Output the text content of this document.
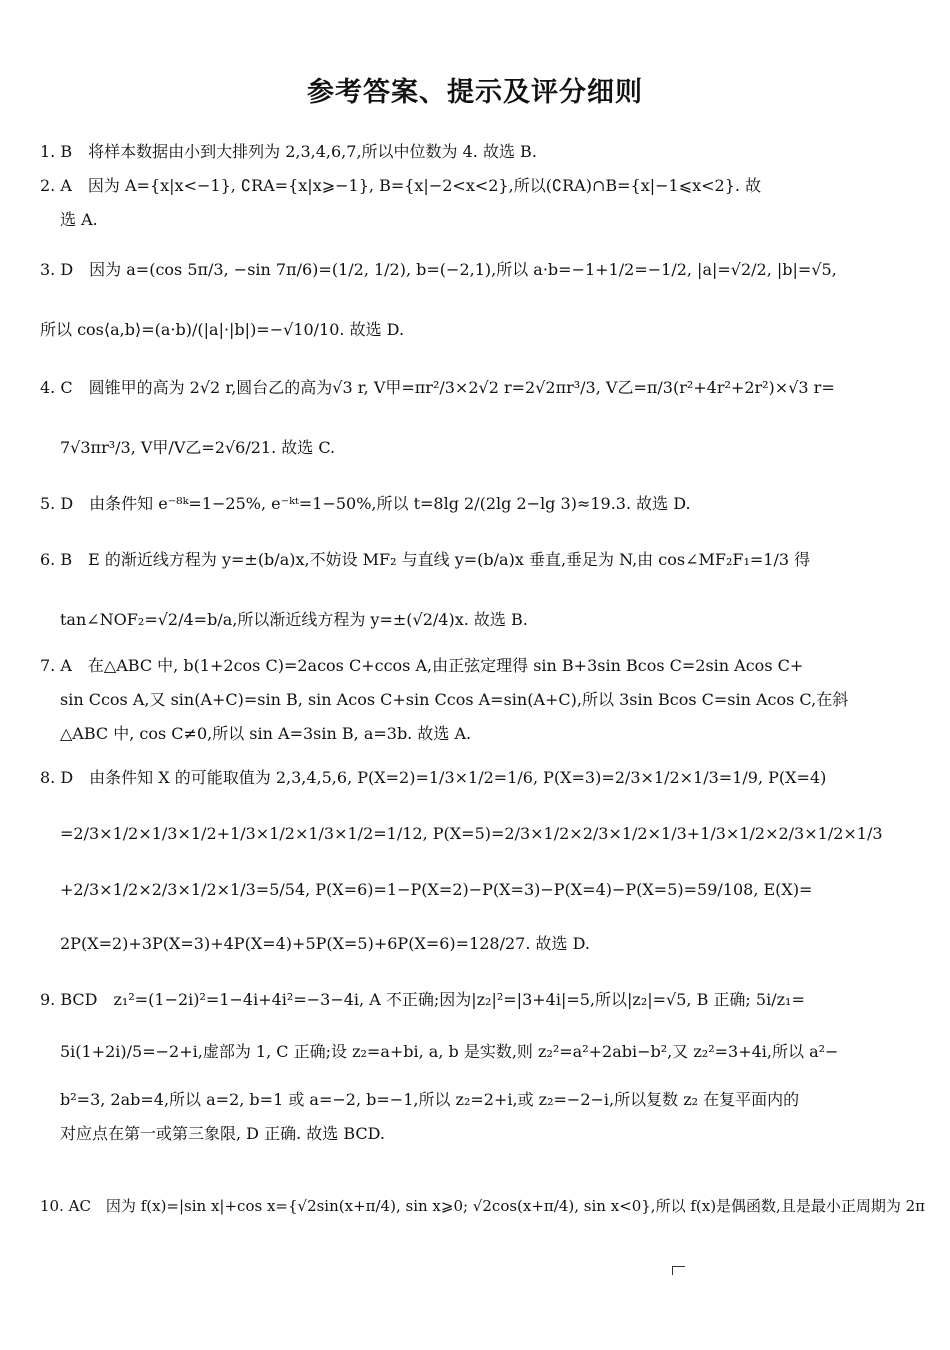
参考答案、提示及评分细则
1. B　将样本数据由小到大排列为 2,3,4,6,7,所以中位数为 4. 故选 B.
2. A　因为 A={x|x<−1}, ∁RA={x|x⩾−1}, B={x|−2<x<2},所以(∁RA)∩B={x|−1⩽x<2}. 故
选 A.
3. D　因为 a=(cos 5π/3, −sin 7π/6)=(1/2, 1/2), b=(−2,1),所以 a·b=−1+1/2=−1/2, |a|=√2/2, |b|=√5,
所以 cos⟨a,b⟩=(a·b)/(|a|·|b|)=−√10/10. 故选 D.
4. C　圆锥甲的高为 2√2 r,圆台乙的高为√3 r, V甲=πr²/3×2√2 r=2√2πr³/3, V乙=π/3(r²+4r²+2r²)×√3 r=
7√3πr³/3, V甲/V乙=2√6/21. 故选 C.
5. D　由条件知 e⁻⁸ᵏ=1−25%, e⁻ᵏᵗ=1−50%,所以 t=8lg 2/(2lg 2−lg 3)≈19.3. 故选 D.
6. B　E 的渐近线方程为 y=±(b/a)x,不妨设 MF₂ 与直线 y=(b/a)x 垂直,垂足为 N,由 cos∠MF₂F₁=1/3 得
tan∠NOF₂=√2/4=b/a,所以渐近线方程为 y=±(√2/4)x. 故选 B.
7. A　在△ABC 中, b(1+2cos C)=2acos C+ccos A,由正弦定理得 sin B+3sin Bcos C=2sin Acos C+
sin Ccos A,又 sin(A+C)=sin B, sin Acos C+sin Ccos A=sin(A+C),所以 3sin Bcos C=sin Acos C,在斜
△ABC 中, cos C≠0,所以 sin A=3sin B, a=3b. 故选 A.
8. D　由条件知 X 的可能取值为 2,3,4,5,6, P(X=2)=1/3×1/2=1/6, P(X=3)=2/3×1/2×1/3=1/9, P(X=4)
=2/3×1/2×1/3×1/2+1/3×1/2×1/3×1/2=1/12, P(X=5)=2/3×1/2×2/3×1/2×1/3+1/3×1/2×2/3×1/2×1/3
+2/3×1/2×2/3×1/2×1/3=5/54, P(X=6)=1−P(X=2)−P(X=3)−P(X=4)−P(X=5)=59/108, E(X)=
2P(X=2)+3P(X=3)+4P(X=4)+5P(X=5)+6P(X=6)=128/27. 故选 D.
9. BCD　z₁²=(1−2i)²=1−4i+4i²=−3−4i, A 不正确;因为|z₂|²=|3+4i|=5,所以|z₂|=√5, B 正确; 5i/z₁=
5i(1+2i)/5=−2+i,虚部为 1, C 正确;设 z₂=a+bi, a, b 是实数,则 z₂²=a²+2abi−b²,又 z₂²=3+4i,所以 a²−
b²=3, 2ab=4,所以 a=2, b=1 或 a=−2, b=−1,所以 z₂=2+i,或 z₂=−2−i,所以复数 z₂ 在复平面内的
对应点在第一或第三象限, D 正确. 故选 BCD.
10. AC　因为 f(x)=|sin x|+cos x={√2sin(x+π/4), sin x⩾0; √2cos(x+π/4), sin x<0},所以 f(x)是偶函数,且是最小正周期为 2π
